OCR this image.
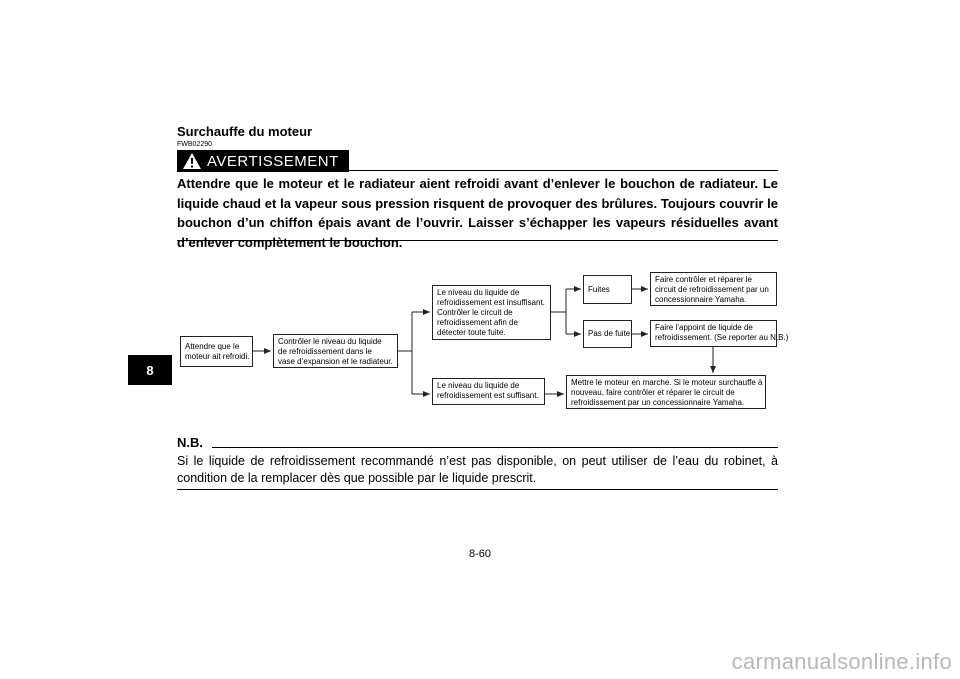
8
Surchauffe du moteur
FWB02290
AVERTISSEMENT

Attendre que le moteur et le radiateur aient refroidi avant d’enlever le bouchon de radiateur. Le liquide chaud et la vapeur sous pression risquent de provoquer des brûlures. Toujours couvrir le bouchon d’un chiffon épais avant de l’ouvrir. Laisser s’échapper les vapeurs résiduelles avant d’enlever complètement le bouchon.

Attendre que le
moteur ait refroidi.
Contrôler le niveau du liquide
de refroidissement dans le
vase d’expansion et le radiateur.
Le niveau du liquide de
refroidissement est insuffisant.
Contrôler le circuit de
refroidissement afin de
détecter toute fuite.
Le niveau du liquide de
refroidissement est suffisant.
Fuites
Pas de fuite
Faire contrôler et réparer le
circuit de refroidissement par un
concessionnaire Yamaha.
Faire l’appoint de liquide de
refroidissement. (Se reporter au N.B.)
Mettre le moteur en marche. Si le moteur surchauffe à
nouveau, faire contrôler et réparer le circuit de
refroidissement par un concessionnaire Yamaha.
N.B.

Si le liquide de refroidissement recommandé n’est pas disponible, on peut utiliser de l’eau du robinet, à condition de la remplacer dès que possible par le liquide prescrit.

8-60
carmanualsonline.info
